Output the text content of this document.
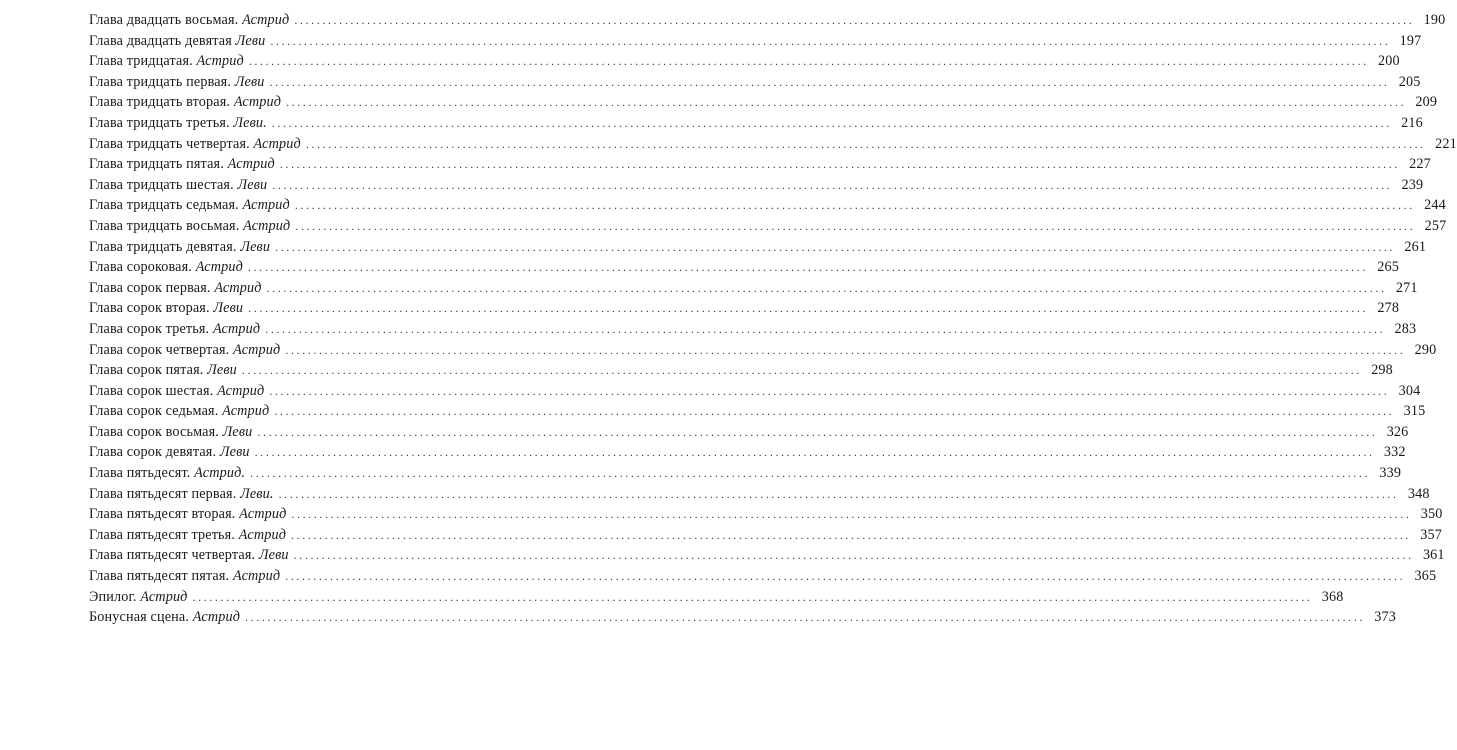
Глава двадцать восьмая. Астрид ........................................................................................................................................................................................................ 190
Глава двадцать девятая Леви ........................................................................................................................................................................................................ 197
Глава тридцатая. Астрид ........................................................................................................................................................................................................ 200
Глава тридцать первая. Леви ........................................................................................................................................................................................................ 205
Глава тридцать вторая. Астрид ........................................................................................................................................................................................................ 209
Глава тридцать третья. Леви. ........................................................................................................................................................................................................ 216
Глава тридцать четвертая. Астрид ........................................................................................................................................................................................................ 221
Глава тридцать пятая. Астрид ........................................................................................................................................................................................................ 227
Глава тридцать шестая. Леви ........................................................................................................................................................................................................ 239
Глава тридцать седьмая. Астрид ........................................................................................................................................................................................................ 244
Глава тридцать восьмая. Астрид ........................................................................................................................................................................................................ 257
Глава тридцать девятая. Леви ........................................................................................................................................................................................................ 261
Глава сороковая. Астрид ........................................................................................................................................................................................................ 265
Глава сорок первая. Астрид ........................................................................................................................................................................................................ 271
Глава сорок вторая. Леви ........................................................................................................................................................................................................ 278
Глава сорок третья. Астрид ........................................................................................................................................................................................................ 283
Глава сорок четвертая. Астрид ........................................................................................................................................................................................................ 290
Глава сорок пятая. Леви ........................................................................................................................................................................................................ 298
Глава сорок шестая. Астрид ........................................................................................................................................................................................................ 304
Глава сорок седьмая. Астрид ........................................................................................................................................................................................................ 315
Глава сорок восьмая. Леви ........................................................................................................................................................................................................ 326
Глава сорок девятая. Леви ........................................................................................................................................................................................................ 332
Глава пятьдесят. Астрид. ........................................................................................................................................................................................................ 339
Глава пятьдесят первая. Леви. ........................................................................................................................................................................................................ 348
Глава пятьдесят вторая. Астрид ........................................................................................................................................................................................................ 350
Глава пятьдесят третья. Астрид ........................................................................................................................................................................................................ 357
Глава пятьдесят четвертая. Леви ........................................................................................................................................................................................................ 361
Глава пятьдесят пятая. Астрид ........................................................................................................................................................................................................ 365
Эпилог. Астрид ........................................................................................................................................................................................................ 368
Бонусная сцена. Астрид ........................................................................................................................................................................................................ 373
